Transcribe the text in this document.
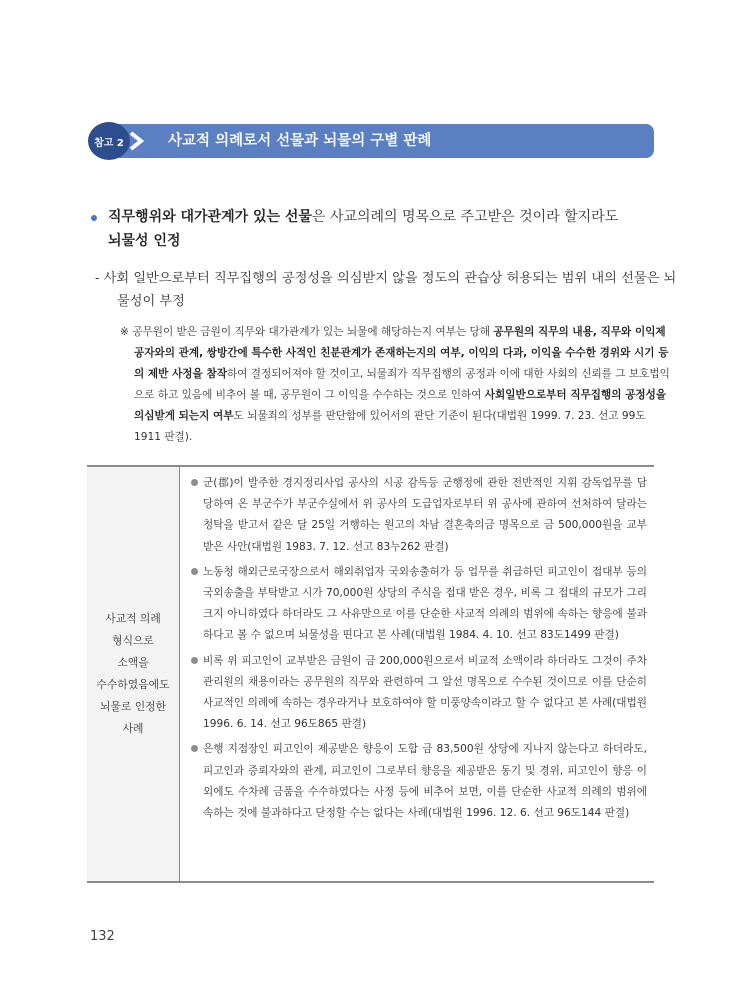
참고 2	사교적 의례로서 선물과 뇌물의 구별 판례
직무행위와 대가관계가 있는 선물은 사교의례의 명목으로 주고받은 것이라 할지라도
뇌물성 인정
- 사회 일반으로부터 직무집행의 공정성을 의심받지 않을 정도의 관습상 허용되는 범위 내의 선물은 뇌물성이 부정
※ 공무원이 받은 금원이 직무와 대가관계가 있는 뇌물에 해당하는지 여부는 당해 공무원의 직무의 내용, 직무와 이익제공자와의 관계, 쌍방간에 특수한 사적인 친분관계가 존재하는지의 여부, 이익의 다과, 이익을 수수한 경위와 시기 등의 제반 사정을 참작하여 결정되어져야 할 것이고, 뇌물죄가 직무집행의 공정과 이에 대한 사회의 신뢰를 그 보호법익으로 하고 있음에 비추어 볼 때, 공무원이 그 이익을 수수하는 것으로 인하여 사회일반으로부터 직무집행의 공정성을 의심받게 되는지 여부도 뇌물죄의 성부를 판단함에 있어서의 판단 기준이 된다(대법원 1999. 7. 23. 선고 99도1911 판결).
사교적 의례
형식으로
소액을
수수하였음에도
뇌물로 인정한
사례
군(郡)이 발주한 경지정리사업 공사의 시공 감독등 군행정에 관한 전반적인 지휘 감독업무를 담당하여 온 부군수가 부군수실에서 위 공사의 도급업자로부터 위 공사에 관하여 선처하여 달라는 청탁을 받고서 같은 달 25일 거행하는 원고의 차남 결혼축의금 명목으로 금 500,000원을 교부받은 사안(대법원 1983. 7. 12. 선고 83누262 판결)
노동청 해외근로국장으로서 해외취업자 국외송출허가 등 업무를 취급하던 피고인이 접대부 등의 국외송출을 부탁받고 시가 70,000원 상당의 주식을 접대 받은 경우, 비록 그 접대의 규모가 그리 크지 아니하였다 하더라도 그 사유만으로 이를 단순한 사교적 의례의 범위에 속하는 향응에 불과하다고 볼 수 없으며 뇌물성을 띤다고 본 사례(대법원 1984. 4. 10. 선고 83도1499 판결)
비록 위 피고인이 교부받은 금원이 금 200,000원으로서 비교적 소액이라 하더라도 그것이 주차관리원의 채용이라는 공무원의 직무와 관련하여 그 알선 명목으로 수수된 것이므로 이를 단순히 사교적인 의례에 속하는 경우라거나 보호하여야 할 미풍양속이라고 할 수 없다고 본 사례(대법원 1996. 6. 14. 선고 96도865 판결)
은행 지점장인 피고인이 제공받은 향응이 도합 금 83,500원 상당에 지나지 않는다고 하더라도, 피고인과 증뢰자와의 관계, 피고인이 그로부터 향응을 제공받은 동기 및 경위, 피고인이 향응 이외에도 수차례 금품을 수수하였다는 사정 등에 비추어 보면, 이를 단순한 사교적 의례의 범위에 속하는 것에 불과하다고 단정할 수는 없다는 사례(대법원 1996. 12. 6. 선고 96도144 판결)
132
